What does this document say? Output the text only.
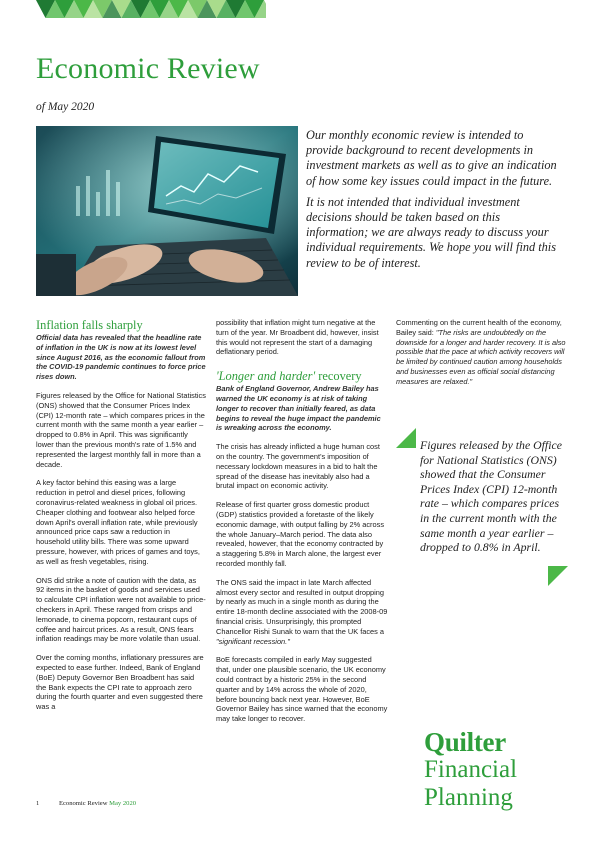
Economic Review
of May 2020

Our monthly economic review is intended to provide background to recent developments in investment markets as well as to give an indication of how some key issues could impact in the future.

It is not intended that individual investment decisions should be taken based on this information; we are always ready to discuss your individual requirements. We hope you will find this review to be of interest.

Inflation falls sharply

Official data has revealed that the headline rate of inflation in the UK is now at its lowest level since August 2016, as the economic fallout from the COVID-19 pandemic continues to force price rises down.

Figures released by the Office for National Statistics (ONS) showed that the Consumer Prices Index (CPI) 12-month rate – which compares prices in the current month with the same month a year earlier – dropped to 0.8% in April. This was significantly lower than the previous month's rate of 1.5% and represented the largest monthly fall in more than a decade.

A key factor behind this easing was a large reduction in petrol and diesel prices, following coronavirus-related weakness in global oil prices. Cheaper clothing and footwear also helped force down April's overall inflation rate, while previously announced price caps saw a reduction in household utility bills. There was some upward pressure, however, with prices of games and toys, as well as fresh vegetables, rising.

ONS did strike a note of caution with the data, as 92 items in the basket of goods and services used to calculate CPI inflation were not available to price-checkers in April. These ranged from crisps and lemonade, to cinema popcorn, restaurant cups of coffee and haircut prices. As a result, ONS fears inflation readings may be more volatile than usual.

Over the coming months, inflationary pressures are expected to ease further. Indeed, Bank of England (BoE) Deputy Governor Ben Broadbent has said the Bank expects the CPI rate to approach zero during the fourth quarter and even suggested there was a

possibility that inflation might turn negative at the turn of the year. Mr Broadbent did, however, insist this would not represent the start of a damaging deflationary period.

'Longer and harder' recovery

Bank of England Governor, Andrew Bailey has warned the UK economy is at risk of taking longer to recover than initially feared, as data begins to reveal the huge impact the pandemic is wreaking across the economy.

The crisis has already inflicted a huge human cost on the country. The government's imposition of necessary lockdown measures in a bid to halt the spread of the disease has inevitably also had a brutal impact on economic activity.

Release of first quarter gross domestic product (GDP) statistics provided a foretaste of the likely economic damage, with output falling by 2% across the whole January–March period. The data also revealed, however, that the economy contracted by a staggering 5.8% in March alone, the largest ever recorded monthly fall.

The ONS said the impact in late March affected almost every sector and resulted in output dropping by nearly as much in a single month as during the entire 18-month decline associated with the 2008-09 financial crisis. Unsurprisingly, this prompted Chancellor Rishi Sunak to warn that the UK faces a "significant recession."

BoE forecasts compiled in early May suggested that, under one plausible scenario, the UK economy could contract by a historic 25% in the second quarter and by 14% across the whole of 2020, before bouncing back next year. However, BoE Governor Bailey has since warned that the economy may take longer to recover.

Commenting on the current health of the economy, Bailey said: "The risks are undoubtedly on the downside for a longer and harder recovery. It is also possible that the pace at which activity recovers will be limited by continued caution among households and businesses even as official social distancing measures are relaxed."

Figures released by the Office for National Statistics (ONS) showed that the Consumer Prices Index (CPI) 12-month rate – which compares prices in the current month with the same month a year earlier – dropped to 0.8% in April.
Quilter
Financial
Planning
1	Economic Review May 2020
